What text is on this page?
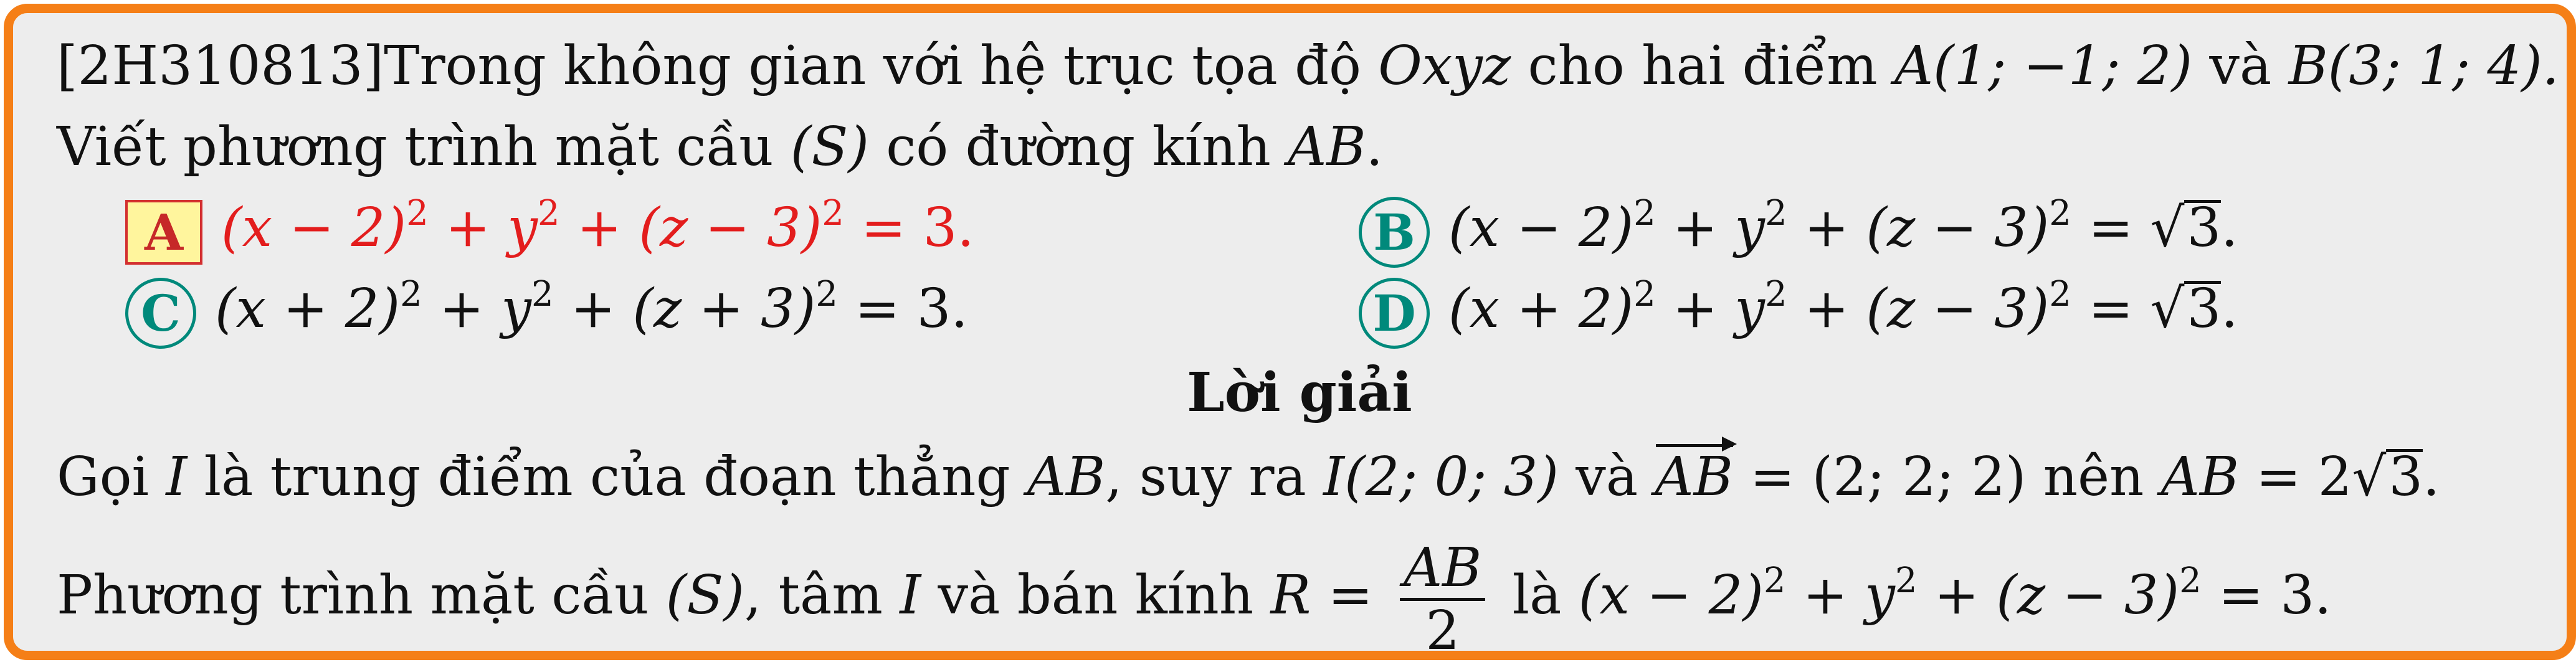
[2H310813]Trong không gian với hệ trục tọa độ Oxyz cho hai điểm A(1; −1; 2) và B(3; 1; 4).
Viết phương trình mặt cầu (S) có đường kính AB.
A $(x - 2)^2 + y^2 + (z - 3)^2 = 3$.	B $(x - 2)^2 + y^2 + (z - 3)^2 = √3$.
C $(x + 2)^2 + y^2 + (z + 3)^2 = 3$.	D $(x + 2)^2 + y^2 + (z - 3)^2 = √3$.
Lời giải
Gọi I là trung điểm của đoạn thẳng AB, suy ra I(2; 0; 3) và AB
= (2; 2; 2) nên AB = 2√3.
Phương trình mặt cầu (S), tâm I và bán kính $R = \frac{AB}{2}$ là $(x - 2)^2 + y^2 + (z - 3)^2 = 3$.
